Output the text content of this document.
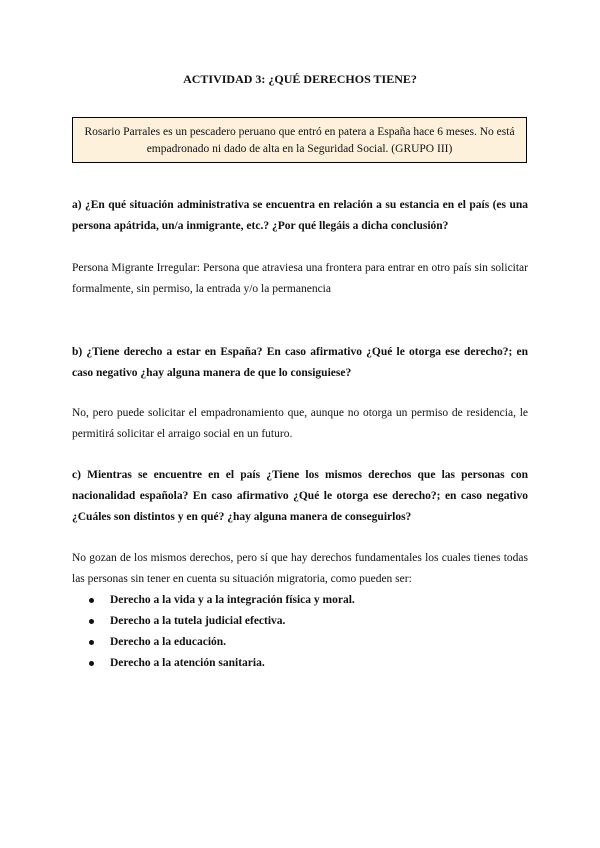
ACTIVIDAD 3: ¿QUÉ DERECHOS TIENE?
Rosario Parrales es un pescadero peruano que entró en patera a España hace 6 meses. No está empadronado ni dado de alta en la Seguridad Social. (GRUPO III)
a) ¿En qué situación administrativa se encuentra en relación a su estancia en el país (es una persona apátrida, un/a inmigrante, etc.? ¿Por qué llegáis a dicha conclusión?
Persona Migrante Irregular: Persona que atraviesa una frontera para entrar en otro país sin solicitar formalmente, sin permiso, la entrada y/o la permanencia
b) ¿Tiene derecho a estar en España? En caso afirmativo ¿Qué le otorga ese derecho?; en caso negativo ¿hay alguna manera de que lo consiguiese?
No, pero puede solicitar el empadronamiento que, aunque no otorga un permiso de residencia, le permitirá solicitar el arraigo social en un futuro.
c) Mientras se encuentre en el país ¿Tiene los mismos derechos que las personas con nacionalidad española? En caso afirmativo ¿Qué le otorga ese derecho?; en caso negativo ¿Cuáles son distintos y en qué? ¿hay alguna manera de conseguirlos?
No gozan de los mismos derechos, pero sí que hay derechos fundamentales los cuales tienes todas las personas sin tener en cuenta su situación migratoria, como pueden ser:
Derecho a la vida y a la integración física y moral.
Derecho a la tutela judicial efectiva.
Derecho a la educación.
Derecho a la atención sanitaria.
